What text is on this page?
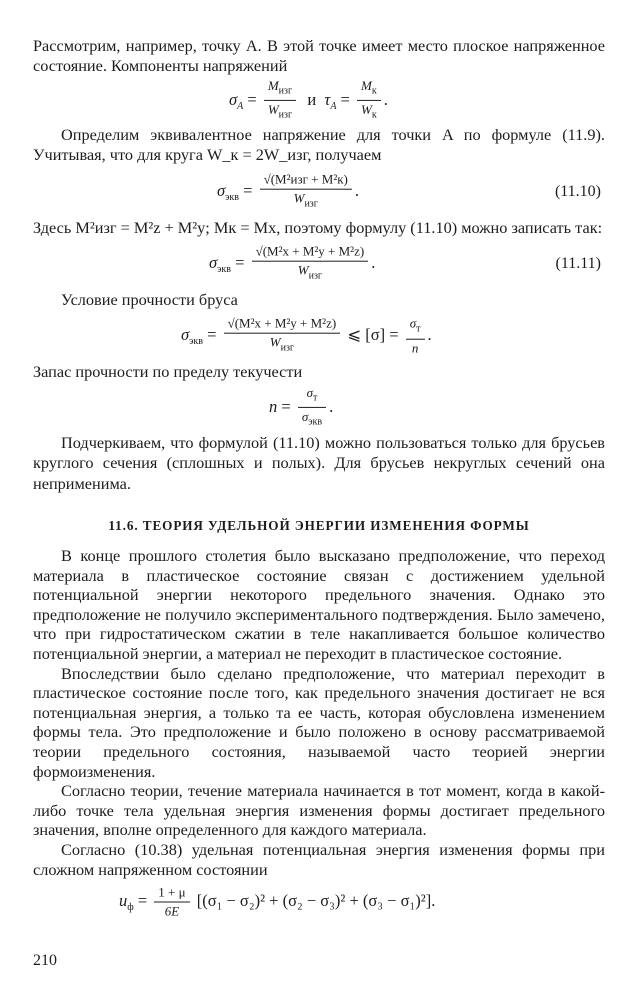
Рассмотрим, например, точку A. В этой точке имеет место плоское напряженное состояние. Компоненты напряжений

$\sigma_A = \frac{M_{изг}}{W_{изг}}$ и $\tau_A = \frac{M_к}{W_к}$ .

Определим эквивалентное напряжение для точки A по формуле (11.9). Учитывая, что для круга W_к = 2W_изг, получаем

$\sigma_{экв} = \frac{\text{√(M²изг + M²к)}}{W_{изг}}$ .	(11.10)

Здесь M²изг = M²z + M²y; Mк = Mx, поэтому формулу (11.10) можно записать так:

$\sigma_{экв} = \frac{\text{√(M²x + M²y + M²z)}}{W_{изг}}$ .	(11.11)

Условие прочности бруса

$\sigma_{экв} = \frac{\text{√(M²x + M²y + M²z)}}{W_{изг}}$ ⩽ $[\sigma] = \frac{\sigma_т}{n}$ .

Запас прочности по пределу текучести

$n = \frac{\sigma_т}{\sigma_{экв}}$ .

Подчеркиваем, что формулой (11.10) можно пользоваться только для брусьев круглого сечения (сплошных и полых). Для брусьев некруглых сечений она неприменима.

11.6. ТЕОРИЯ УДЕЛЬНОЙ ЭНЕРГИИ ИЗМЕНЕНИЯ ФОРМЫ

В конце прошлого столетия было высказано предположение, что переход материала в пластическое состояние связан с достижением удельной потенциальной энергии некоторого предельного значения. Однако это предположение не получило экспериментального подтверждения. Было замечено, что при гидростатическом сжатии в теле накапливается большое количество потенциальной энергии, а материал не переходит в пластическое состояние.

Впоследствии было сделано предположение, что материал переходит в пластическое состояние после того, как предельного значения достигает не вся потенциальная энергия, а только та ее часть, которая обусловлена изменением формы тела. Это предположение и было положено в основу рассматриваемой теории предельного состояния, называемой часто теорией энергии формоизменения.

Согласно теории, течение материала начинается в тот момент, когда в какой-либо точке тела удельная энергия изменения формы достигает предельного значения, вполне определенного для каждого материала.

Согласно (10.38) удельная потенциальная энергия изменения формы при сложном напряженном состоянии

$u_ф = \frac{1 + \mu}{6E} [(\sigma_1 - \sigma_2)^2 + (\sigma_2 - \sigma_3)^2 + (\sigma_3 - \sigma_1)^2]$.
210
